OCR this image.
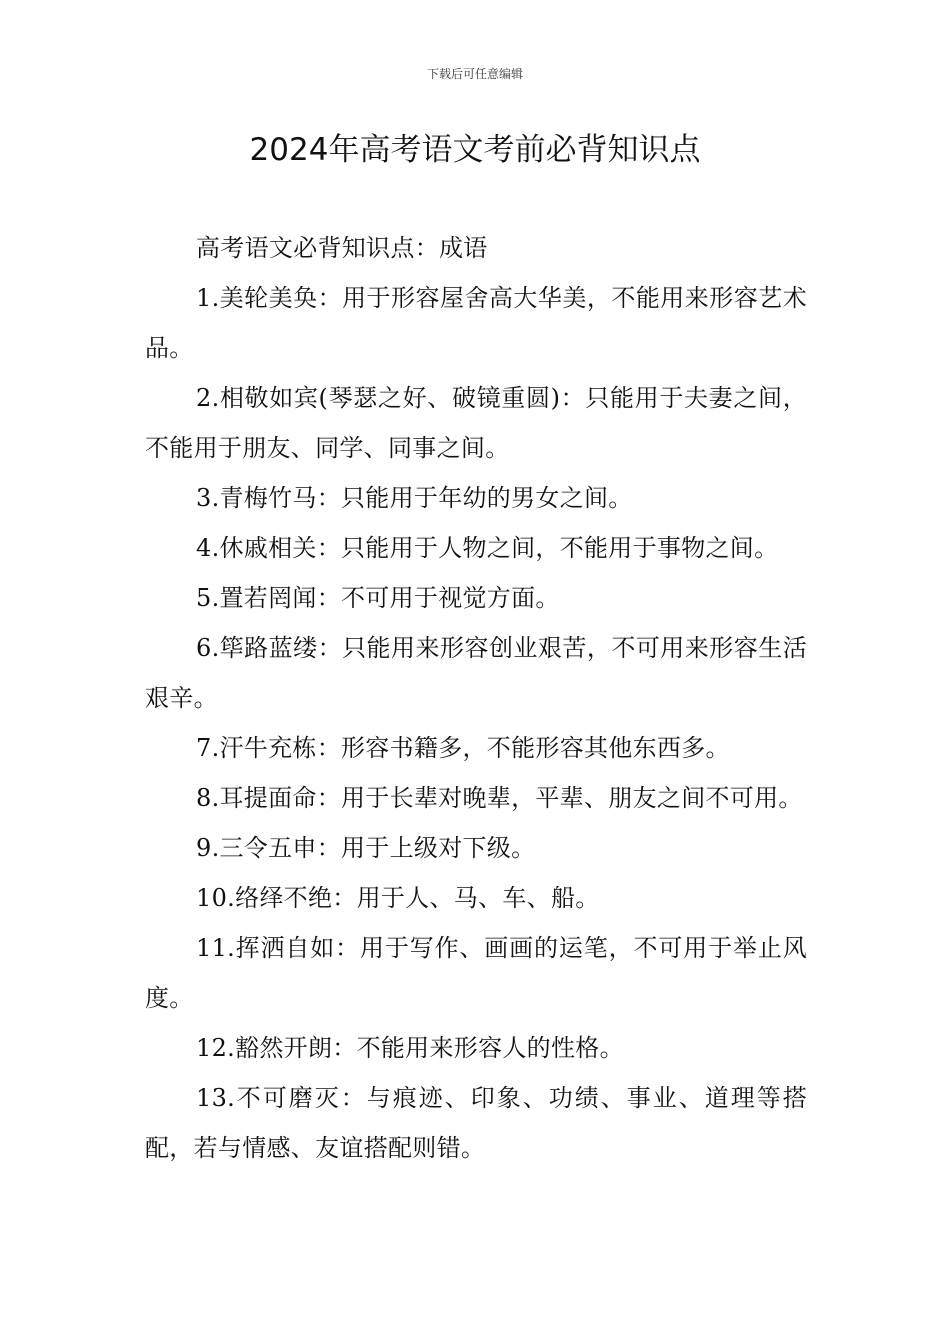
下载后可任意编辑
2024年高考语文考前必背知识点

高考语文必背知识点：成语

1.美轮美奂：用于形容屋舍高大华美，不能用来形容艺术品。

2.相敬如宾(琴瑟之好、破镜重圆)：只能用于夫妻之间，不能用于朋友、同学、同事之间。

3.青梅竹马：只能用于年幼的男女之间。

4.休戚相关：只能用于人物之间，不能用于事物之间。

5.置若罔闻：不可用于视觉方面。

6.筚路蓝缕：只能用来形容创业艰苦，不可用来形容生活艰辛。

7.汗牛充栋：形容书籍多，不能形容其他东西多。

8.耳提面命：用于长辈对晚辈，平辈、朋友之间不可用。

9.三令五申：用于上级对下级。

10.络绎不绝：用于人、马、车、船。

11.挥洒自如：用于写作、画画的运笔，不可用于举止风度。

12.豁然开朗：不能用来形容人的性格。

13.不可磨灭：与痕迹、印象、功绩、事业、道理等搭配，若与情感、友谊搭配则错。
